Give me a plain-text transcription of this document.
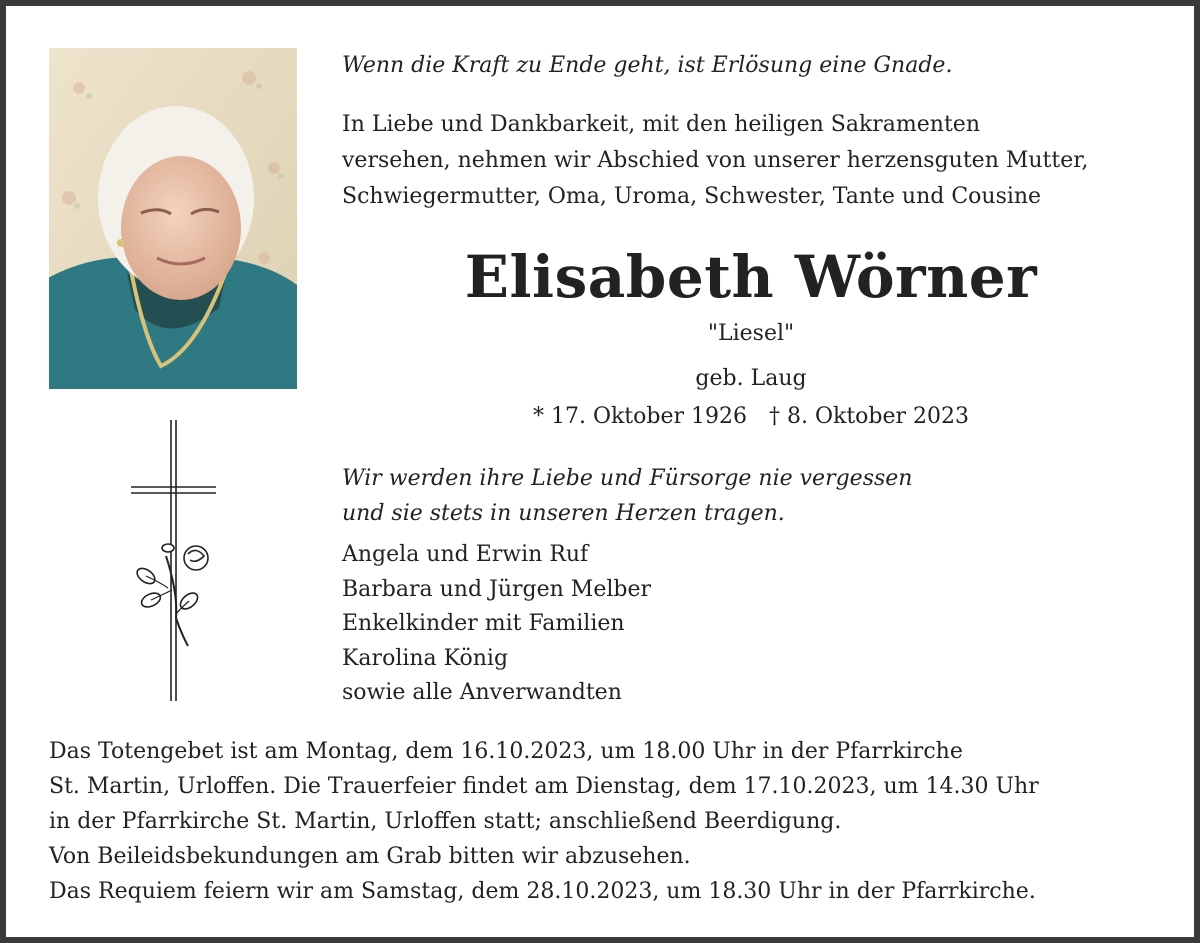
Wenn die Kraft zu Ende geht, ist Erlösung eine Gnade.
In Liebe und Dankbarkeit, mit den heiligen Sakramenten
versehen, nehmen wir Abschied von unserer herzensguten Mutter,
Schwiegermutter, Oma, Uroma, Schwester, Tante und Cousine
Elisabeth Wörner
"Liesel"
geb. Laug
* 17. Oktober 1926 † 8. Oktober 2023
Wir werden ihre Liebe und Fürsorge nie vergessen
und sie stets in unseren Herzen tragen.
Angela und Erwin Ruf
Barbara und Jürgen Melber
Enkelkinder mit Familien
Karolina König
sowie alle Anverwandten
Das Totengebet ist am Montag, dem 16.10.2023, um 18.00 Uhr in der Pfarrkirche
St. Martin, Urloffen. Die Trauerfeier findet am Dienstag, dem 17.10.2023, um 14.30 Uhr
in der Pfarrkirche St. Martin, Urloffen statt; anschließend Beerdigung.
Von Beileidsbekundungen am Grab bitten wir abzusehen.
Das Requiem feiern wir am Samstag, dem 28.10.2023, um 18.30 Uhr in der Pfarrkirche.
